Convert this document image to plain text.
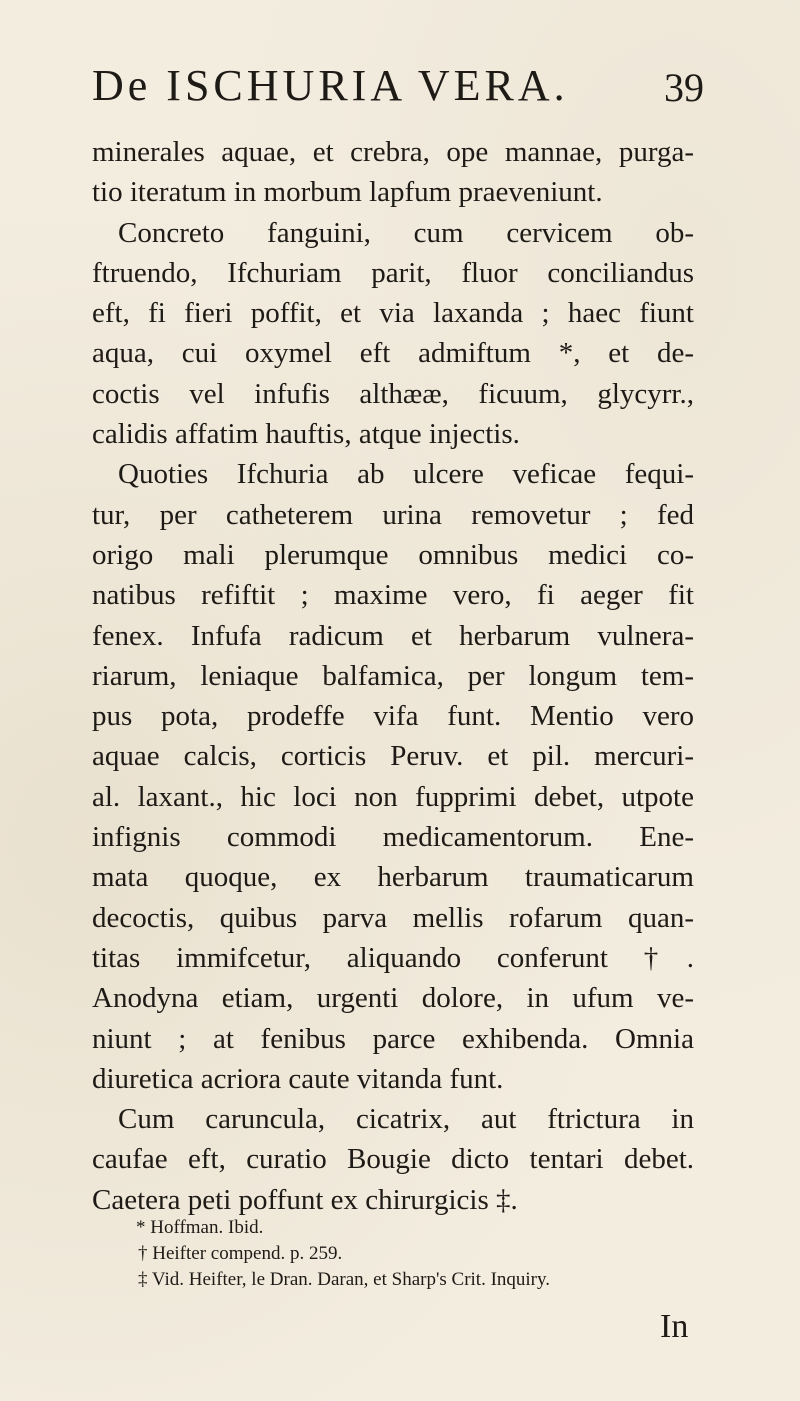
De ISCHURIA VERA.	39
minerales aquae, et crebra, ope mannae, purga-
tio iteratum in morbum lapfum praeveniunt.
Concreto fanguini, cum cervicem ob-
ftruendo, Ifchuriam parit, fluor conciliandus
eft, fi fieri poffit, et via laxanda ; haec fiunt
aqua, cui oxymel eft admiftum *, et de-
coctis vel infufis althææ, ficuum, glycyrr.,
calidis affatim hauftis, atque injectis.
Quoties Ifchuria ab ulcere veficae fequi-
tur, per catheterem urina removetur ; fed
origo mali plerumque omnibus medici co-
natibus refiftit ; maxime vero, fi aeger fit
fenex. Infufa radicum et herbarum vulnera-
riarum, leniaque balfamica, per longum tem-
pus pota, prodeffe vifa funt. Mentio vero
aquae calcis, corticis Peruv. et pil. mercuri-
al. laxant., hic loci non fupprimi debet, utpote
infignis commodi medicamentorum. Ene-
mata quoque, ex herbarum traumaticarum
decoctis, quibus parva mellis rofarum quan-
titas immifcetur, aliquando conferunt †.
Anodyna etiam, urgenti dolore, in ufum ve-
niunt ; at fenibus parce exhibenda. Omnia
diuretica acriora caute vitanda funt.
Cum caruncula, cicatrix, aut ftrictura in
caufae eft, curatio Bougie dicto tentari debet.
Caetera peti poffunt ex chirurgicis ‡.
* Hoffman. Ibid.
† Heifter compend. p. 259.
‡ Vid. Heifter, le Dran. Daran, et Sharp's Crit. Inquiry.
In
